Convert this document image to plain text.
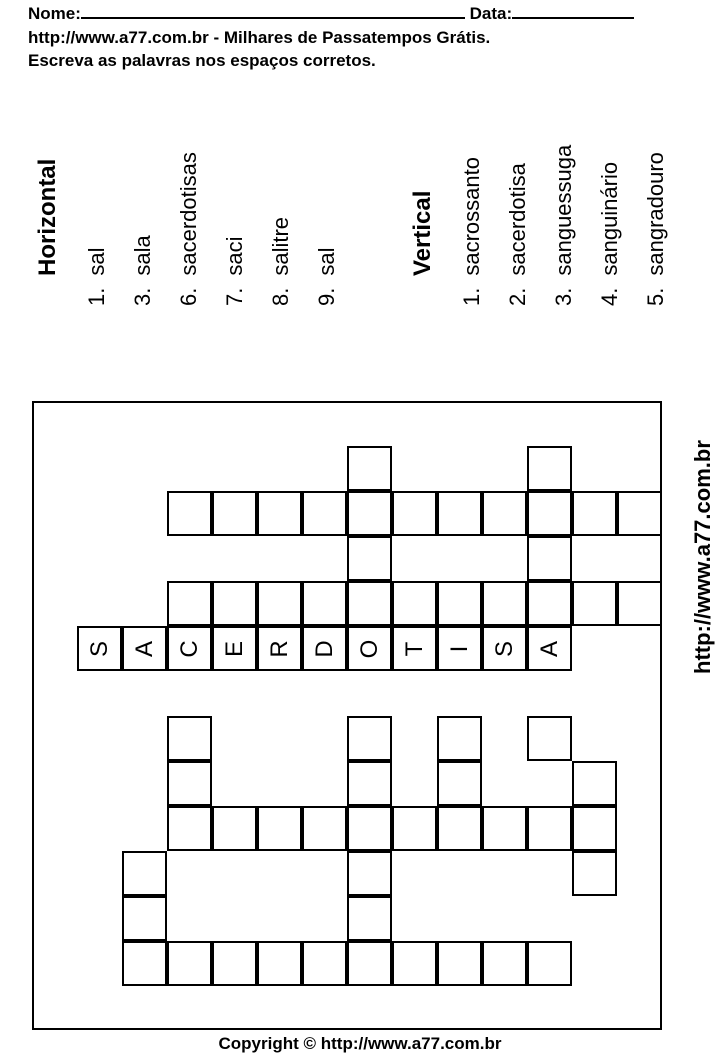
Nome:	Data:
http://www.a77.com.br - Milhares de Passatempos Grátis.
Escreva as palavras nos espaços corretos.
Horizontal
1.sal
3.sala
6.sacerdotisas
7.saci
8.salitre
9.sal	Vertical
1.sacrossanto
2.sacerdotisa
3.sanguessuga
4.sanguinário
5.sangradouro
http://www.a77.com.br
S A C E R D O T I S A
Copyright © http://www.a77.com.br
